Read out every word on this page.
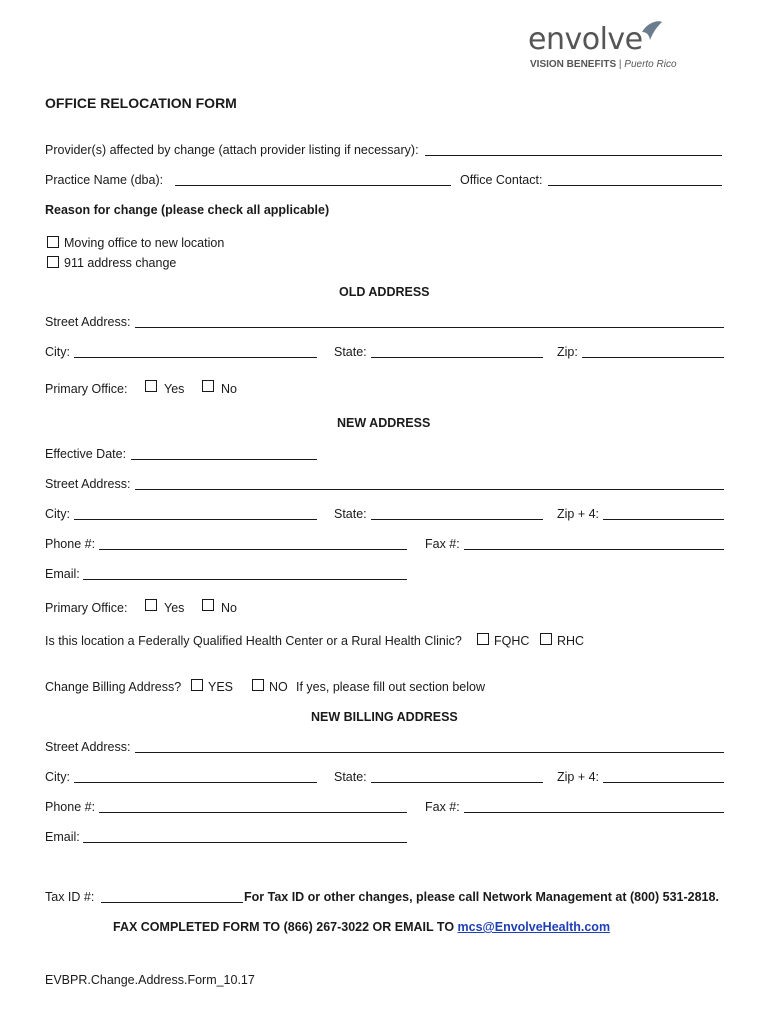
envolve
VISION BENEFITS | Puerto Rico
OFFICE RELOCATION FORM
Provider(s) affected by change (attach provider listing if necessary):
Practice Name (dba):	Office Contact:
Reason for change (please check all applicable)
Moving office to new location
911 address change
OLD ADDRESS
Street Address:
City:	State:	Zip:
Primary Office:	Yes	No
NEW ADDRESS
Effective Date:
Street Address:
City:	State:	Zip + 4:
Phone #:	Fax #:
Email:
Primary Office:	Yes	No
Is this location a Federally Qualified Health Center or a Rural Health Clinic?	FQHC RHC
Change Billing Address? YES	NO If yes, please fill out section below
NEW BILLING ADDRESS
Street Address:
City:	State:	Zip + 4:
Phone #:	Fax #:
Email:
Tax ID #:	For Tax ID or other changes, please call Network Management at (800) 531-2818.
FAX COMPLETED FORM TO (866) 267-3022 OR EMAIL TO mcs@EnvolveHealth.com
EVBPR.Change.Address.Form_10.17
